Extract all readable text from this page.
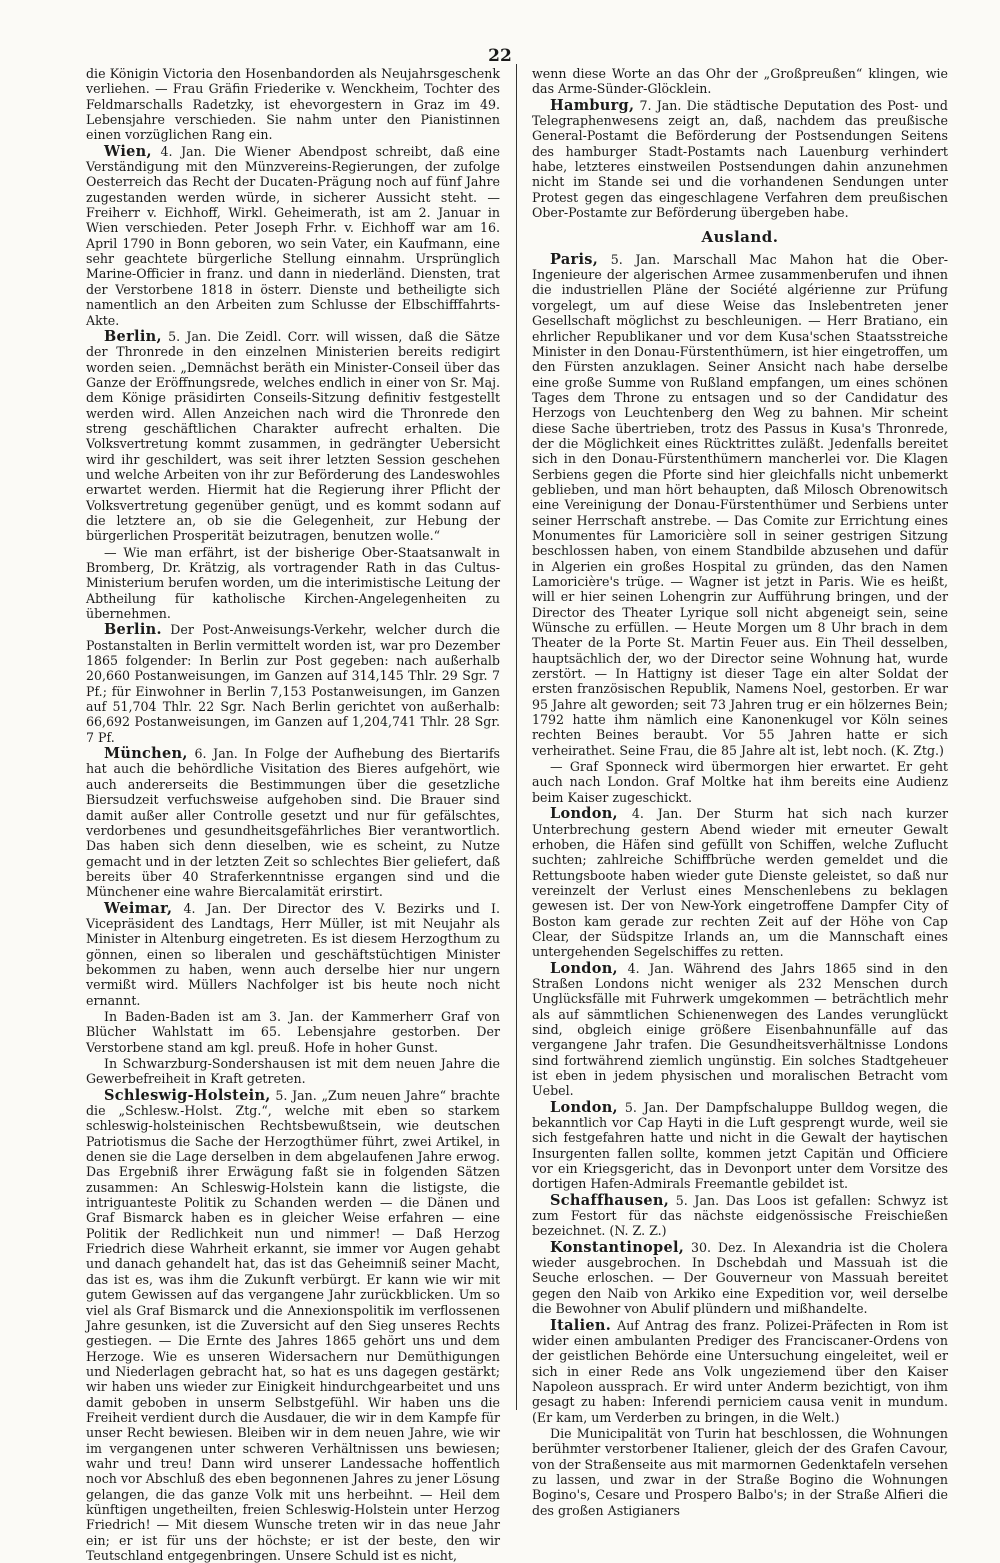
22

die Königin Victoria den Hosenbandorden als Neujahrsgeschenk verliehen. — Frau Gräfin Friederike v. Wenckheim, Tochter des Feldmarschalls Radetzky, ist ehevorgestern in Graz im 49. Lebensjahre verschieden. Sie nahm unter den Pianistinnen einen vorzüglichen Rang ein.

Wien, 4. Jan. Die Wiener Abendpost schreibt, daß eine Verständigung mit den Münzvereins-Regierungen, der zufolge Oesterreich das Recht der Ducaten-Prägung noch auf fünf Jahre zugestanden werden würde, in sicherer Aussicht steht. — Freiherr v. Eichhoff, Wirkl. Geheimerath, ist am 2. Januar in Wien verschieden. Peter Joseph Frhr. v. Eichhoff war am 16. April 1790 in Bonn geboren, wo sein Vater, ein Kaufmann, eine sehr geachtete bürgerliche Stellung einnahm. Ursprünglich Marine-Officier in franz. und dann in niederländ. Diensten, trat der Verstorbene 1818 in österr. Dienste und betheiligte sich namentlich an den Arbeiten zum Schlusse der Elbschifffahrts-Akte.

Berlin, 5. Jan. Die Zeidl. Corr. will wissen, daß die Sätze der Thronrede in den einzelnen Ministerien bereits redigirt worden seien. „Demnächst beräth ein Minister-Conseil über das Ganze der Eröffnungsrede, welches endlich in einer von Sr. Maj. dem Könige präsidirten Conseils-Sitzung definitiv festgestellt werden wird. Allen Anzeichen nach wird die Thronrede den streng geschäftlichen Charakter aufrecht erhalten. Die Volksvertretung kommt zusammen, in gedrängter Uebersicht wird ihr geschildert, was seit ihrer letzten Session geschehen und welche Arbeiten von ihr zur Beförderung des Landeswohles erwartet werden. Hiermit hat die Regierung ihrer Pflicht der Volksvertretung gegenüber genügt, und es kommt sodann auf die letztere an, ob sie die Gelegenheit, zur Hebung der bürgerlichen Prosperität beizutragen, benutzen wolle.“

— Wie man erfährt, ist der bisherige Ober-Staatsanwalt in Bromberg, Dr. Krätzig, als vortragender Rath in das Cultus-Ministerium berufen worden, um die interimistische Leitung der Abtheilung für katholische Kirchen-Angelegenheiten zu übernehmen.

Berlin. Der Post-Anweisungs-Verkehr, welcher durch die Postanstalten in Berlin vermittelt worden ist, war pro Dezember 1865 folgender: In Berlin zur Post gegeben: nach außerhalb 20,660 Postanweisungen, im Ganzen auf 314,145 Thlr. 29 Sgr. 7 Pf.; für Einwohner in Berlin 7,153 Postanweisungen, im Ganzen auf 51,704 Thlr. 22 Sgr. Nach Berlin gerichtet von außerhalb: 66,692 Postanweisungen, im Ganzen auf 1,204,741 Thlr. 28 Sgr. 7 Pf.

München, 6. Jan. In Folge der Aufhebung des Biertarifs hat auch die behördliche Visitation des Bieres aufgehört, wie auch andererseits die Bestimmungen über die gesetzliche Biersudzeit verfuchsweise aufgehoben sind. Die Brauer sind damit außer aller Controlle gesetzt und nur für gefälschtes, verdorbenes und gesundheitsgefährliches Bier verantwortlich. Das haben sich denn dieselben, wie es scheint, zu Nutze gemacht und in der letzten Zeit so schlechtes Bier geliefert, daß bereits über 40 Straferkenntnisse ergangen sind und die Münchener eine wahre Biercalamität erirstirt.

Weimar, 4. Jan. Der Director des V. Bezirks und I. Vicepräsident des Landtags, Herr Müller, ist mit Neujahr als Minister in Altenburg eingetreten. Es ist diesem Herzogthum zu gönnen, einen so liberalen und geschäftstüchtigen Minister bekommen zu haben, wenn auch derselbe hier nur ungern vermißt wird. Müllers Nachfolger ist bis heute noch nicht ernannt.

In Baden-Baden ist am 3. Jan. der Kammerherr Graf von Blücher Wahlstatt im 65. Lebensjahre gestorben. Der Verstorbene stand am kgl. preuß. Hofe in hoher Gunst.

In Schwarzburg-Sondershausen ist mit dem neuen Jahre die Gewerbefreiheit in Kraft getreten.

Schleswig-Holstein, 5. Jan. „Zum neuen Jahre“ brachte die „Schlesw.-Holst. Ztg.“, welche mit eben so starkem schleswig-holsteinischen Rechtsbewußtsein, wie deutschen Patriotismus die Sache der Herzogthümer führt, zwei Artikel, in denen sie die Lage derselben in dem abgelaufenen Jahre erwog. Das Ergebniß ihrer Erwägung faßt sie in folgenden Sätzen zusammen: An Schleswig-Holstein kann die listigste, die intriguanteste Politik zu Schanden werden — die Dänen und Graf Bismarck haben es in gleicher Weise erfahren — eine Politik der Redlichkeit nun und nimmer! — Daß Herzog Friedrich diese Wahrheit erkannt, sie immer vor Augen gehabt und danach gehandelt hat, das ist das Geheimniß seiner Macht, das ist es, was ihm die Zukunft verbürgt. Er kann wie wir mit gutem Gewissen auf das vergangene Jahr zurückblicken. Um so viel als Graf Bismarck und die Annexionspolitik im verflossenen Jahre gesunken, ist die Zuversicht auf den Sieg unseres Rechts gestiegen. — Die Ernte des Jahres 1865 gehört uns und dem Herzoge. Wie es unseren Widersachern nur Demüthigungen und Niederlagen gebracht hat, so hat es uns dagegen gestärkt; wir haben uns wieder zur Einigkeit hindurchgearbeitet und uns damit geboben in unserm Selbstgefühl. Wir haben uns die Freiheit verdient durch die Ausdauer, die wir in dem Kampfe für unser Recht bewiesen. Bleiben wir in dem neuen Jahre, wie wir im vergangenen unter schweren Verhältnissen uns bewiesen; wahr und treu! Dann wird unserer Landessache hoffentlich noch vor Abschluß des eben begonnenen Jahres zu jener Lösung gelangen, die das ganze Volk mit uns herbeihnt. — Heil dem künftigen ungetheilten, freien Schleswig-Holstein unter Herzog Friedrich! — Mit diesem Wunsche treten wir in das neue Jahr ein; er ist für uns der höchste; er ist der beste, den wir Teutschland entgegenbringen. Unsere Schuld ist es nicht,

wenn diese Worte an das Ohr der „Großpreußen“ klingen, wie das Arme-Sünder-Glöcklein.

Hamburg, 7. Jan. Die städtische Deputation des Post- und Telegraphenwesens zeigt an, daß, nachdem das preußische General-Postamt die Beförderung der Postsendungen Seitens des hamburger Stadt-Postamts nach Lauenburg verhindert habe, letzteres einstweilen Postsendungen dahin anzunehmen nicht im Stande sei und die vorhandenen Sendungen unter Protest gegen das eingeschlagene Verfahren dem preußischen Ober-Postamte zur Beförderung übergeben habe.

Ausland.

Paris, 5. Jan. Marschall Mac Mahon hat die Ober-Ingenieure der algerischen Armee zusammenberufen und ihnen die industriellen Pläne der Société algérienne zur Prüfung vorgelegt, um auf diese Weise das Inslebentreten jener Gesellschaft möglichst zu beschleunigen. — Herr Bratiano, ein ehrlicher Republikaner und vor dem Kusa'schen Staatsstreiche Minister in den Donau-Fürstenthümern, ist hier eingetroffen, um den Fürsten anzuklagen. Seiner Ansicht nach habe derselbe eine große Summe von Rußland empfangen, um eines schönen Tages dem Throne zu entsagen und so der Candidatur des Herzogs von Leuchtenberg den Weg zu bahnen. Mir scheint diese Sache übertrieben, trotz des Passus in Kusa's Thronrede, der die Möglichkeit eines Rücktrittes zuläßt. Jedenfalls bereitet sich in den Donau-Fürstenthümern mancherlei vor. Die Klagen Serbiens gegen die Pforte sind hier gleichfalls nicht unbemerkt geblieben, und man hört behaupten, daß Milosch Obrenowitsch eine Vereinigung der Donau-Fürstenthümer und Serbiens unter seiner Herrschaft anstrebe. — Das Comite zur Errichtung eines Monumentes für Lamoricière soll in seiner gestrigen Sitzung beschlossen haben, von einem Standbilde abzusehen und dafür in Algerien ein großes Hospital zu gründen, das den Namen Lamoricière's trüge. — Wagner ist jetzt in Paris. Wie es heißt, will er hier seinen Lohengrin zur Aufführung bringen, und der Director des Theater Lyrique soll nicht abgeneigt sein, seine Wünsche zu erfüllen. — Heute Morgen um 8 Uhr brach in dem Theater de la Porte St. Martin Feuer aus. Ein Theil desselben, hauptsächlich der, wo der Director seine Wohnung hat, wurde zerstört. — In Hattigny ist dieser Tage ein alter Soldat der ersten französischen Republik, Namens Noel, gestorben. Er war 95 Jahre alt geworden; seit 73 Jahren trug er ein hölzernes Bein; 1792 hatte ihm nämlich eine Kanonenkugel vor Köln seines rechten Beines beraubt. Vor 55 Jahren hatte er sich verheirathet. Seine Frau, die 85 Jahre alt ist, lebt noch. (K. Ztg.)

— Graf Sponneck wird übermorgen hier erwartet. Er geht auch nach London. Graf Moltke hat ihm bereits eine Audienz beim Kaiser zugeschickt.

London, 4. Jan. Der Sturm hat sich nach kurzer Unterbrechung gestern Abend wieder mit erneuter Gewalt erhoben, die Häfen sind gefüllt von Schiffen, welche Zuflucht suchten; zahlreiche Schiffbrüche werden gemeldet und die Rettungsboote haben wieder gute Dienste geleistet, so daß nur vereinzelt der Verlust eines Menschenlebens zu beklagen gewesen ist. Der von New-York eingetroffene Dampfer City of Boston kam gerade zur rechten Zeit auf der Höhe von Cap Clear, der Südspitze Irlands an, um die Mannschaft eines untergehenden Segelschiffes zu retten.

London, 4. Jan. Während des Jahrs 1865 sind in den Straßen Londons nicht weniger als 232 Menschen durch Unglücksfälle mit Fuhrwerk umgekommen — beträchtlich mehr als auf sämmtlichen Schienenwegen des Landes verunglückt sind, obgleich einige größere Eisenbahnunfälle auf das vergangene Jahr trafen. Die Gesundheitsverhältnisse Londons sind fortwährend ziemlich ungünstig. Ein solches Stadtgeheuer ist eben in jedem physischen und moralischen Betracht vom Uebel.

London, 5. Jan. Der Dampfschaluppe Bulldog wegen, die bekanntlich vor Cap Hayti in die Luft gesprengt wurde, weil sie sich festgefahren hatte und nicht in die Gewalt der haytischen Insurgenten fallen sollte, kommen jetzt Capitän und Officiere vor ein Kriegsgericht, das in Devonport unter dem Vorsitze des dortigen Hafen-Admirals Freemantle gebildet ist.

Schaffhausen, 5. Jan. Das Loos ist gefallen: Schwyz ist zum Festort für das nächste eidgenössische Freischießen bezeichnet. (N. Z. Z.)

Konstantinopel, 30. Dez. In Alexandria ist die Cholera wieder ausgebrochen. In Dschebdah und Massuah ist die Seuche erloschen. — Der Gouverneur von Massuah bereitet gegen den Naib von Arkiko eine Expedition vor, weil derselbe die Bewohner von Abulif plündern und mißhandelte.

Italien. Auf Antrag des franz. Polizei-Präfecten in Rom ist wider einen ambulanten Prediger des Franciscaner-Ordens von der geistlichen Behörde eine Untersuchung eingeleitet, weil er sich in einer Rede ans Volk ungeziemend über den Kaiser Napoleon aussprach. Er wird unter Anderm bezichtigt, von ihm gesagt zu haben: Inferendi perniciem causa venit in mundum. (Er kam, um Verderben zu bringen, in die Welt.)

Die Municipalität von Turin hat beschlossen, die Wohnungen berühmter verstorbener Italiener, gleich der des Grafen Cavour, von der Straßenseite aus mit marmornen Gedenktafeln versehen zu lassen, und zwar in der Straße Bogino die Wohnungen Bogino's, Cesare und Prospero Balbo's; in der Straße Alfieri die des großen Astigianers
